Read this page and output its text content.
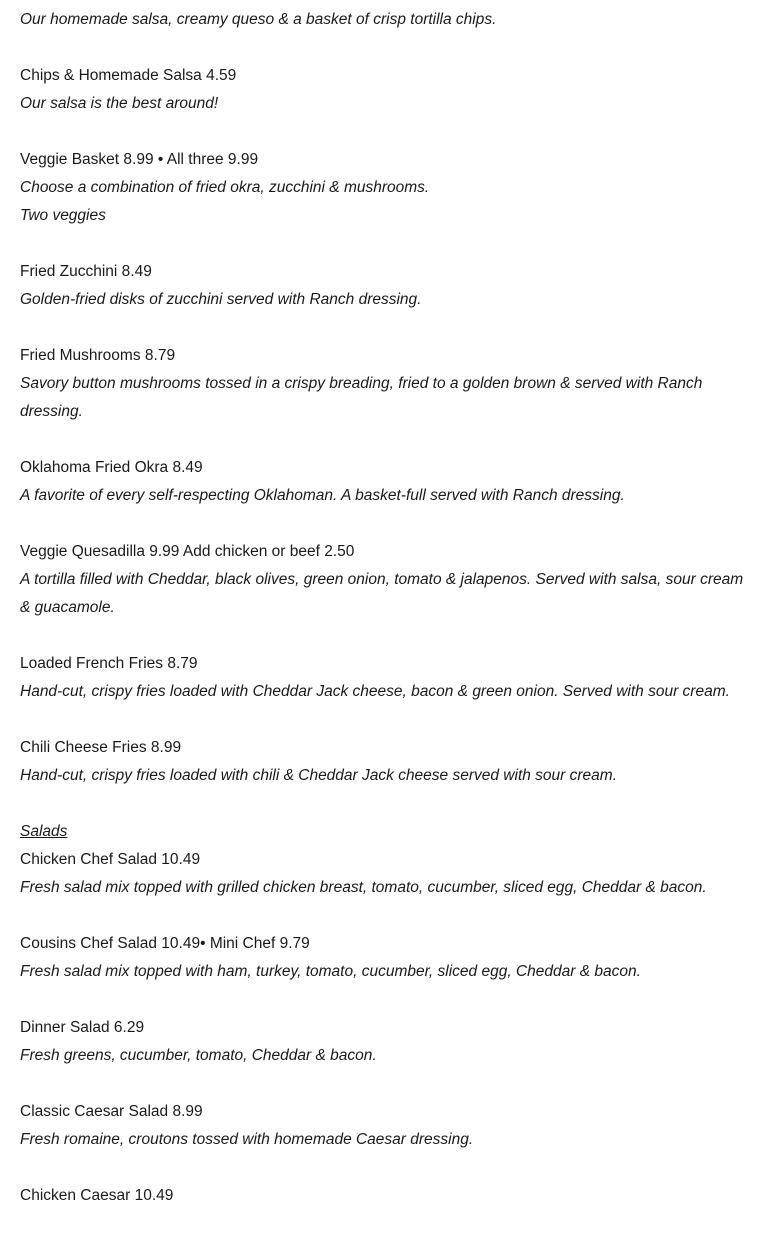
Our homemade salsa, creamy queso & a basket of crisp tortilla chips.

Chips & Homemade Salsa 4.59

Our salsa is the best around!

Veggie Basket 8.99 • All three 9.99

Choose a combination of fried okra, zucchini & mushrooms.

Two veggies

Fried Zucchini 8.49

Golden-fried disks of zucchini served with Ranch dressing.

Fried Mushrooms 8.79

Savory button mushrooms tossed in a crispy breading, fried to a golden brown & served with Ranch dressing.

Oklahoma Fried Okra 8.49

A favorite of every self-respecting Oklahoman. A basket-full served with Ranch dressing.

Veggie Quesadilla 9.99 Add chicken or beef 2.50

A tortilla filled with Cheddar, black olives, green onion, tomato & jalapenos. Served with salsa, sour cream & guacamole.

Loaded French Fries 8.79

Hand-cut, crispy fries loaded with Cheddar Jack cheese, bacon & green onion. Served with sour cream.

Chili Cheese Fries 8.99

Hand-cut, crispy fries loaded with chili & Cheddar Jack cheese served with sour cream.

Salads

Chicken Chef Salad 10.49

Fresh salad mix topped with grilled chicken breast, tomato, cucumber, sliced egg, Cheddar & bacon.

Cousins Chef Salad 10.49• Mini Chef 9.79

Fresh salad mix topped with ham, turkey, tomato, cucumber, sliced egg, Cheddar & bacon.

Dinner Salad 6.29

Fresh greens, cucumber, tomato, Cheddar & bacon.

Classic Caesar Salad 8.99

Fresh romaine, croutons tossed with homemade Caesar dressing.

Chicken Caesar 10.49
